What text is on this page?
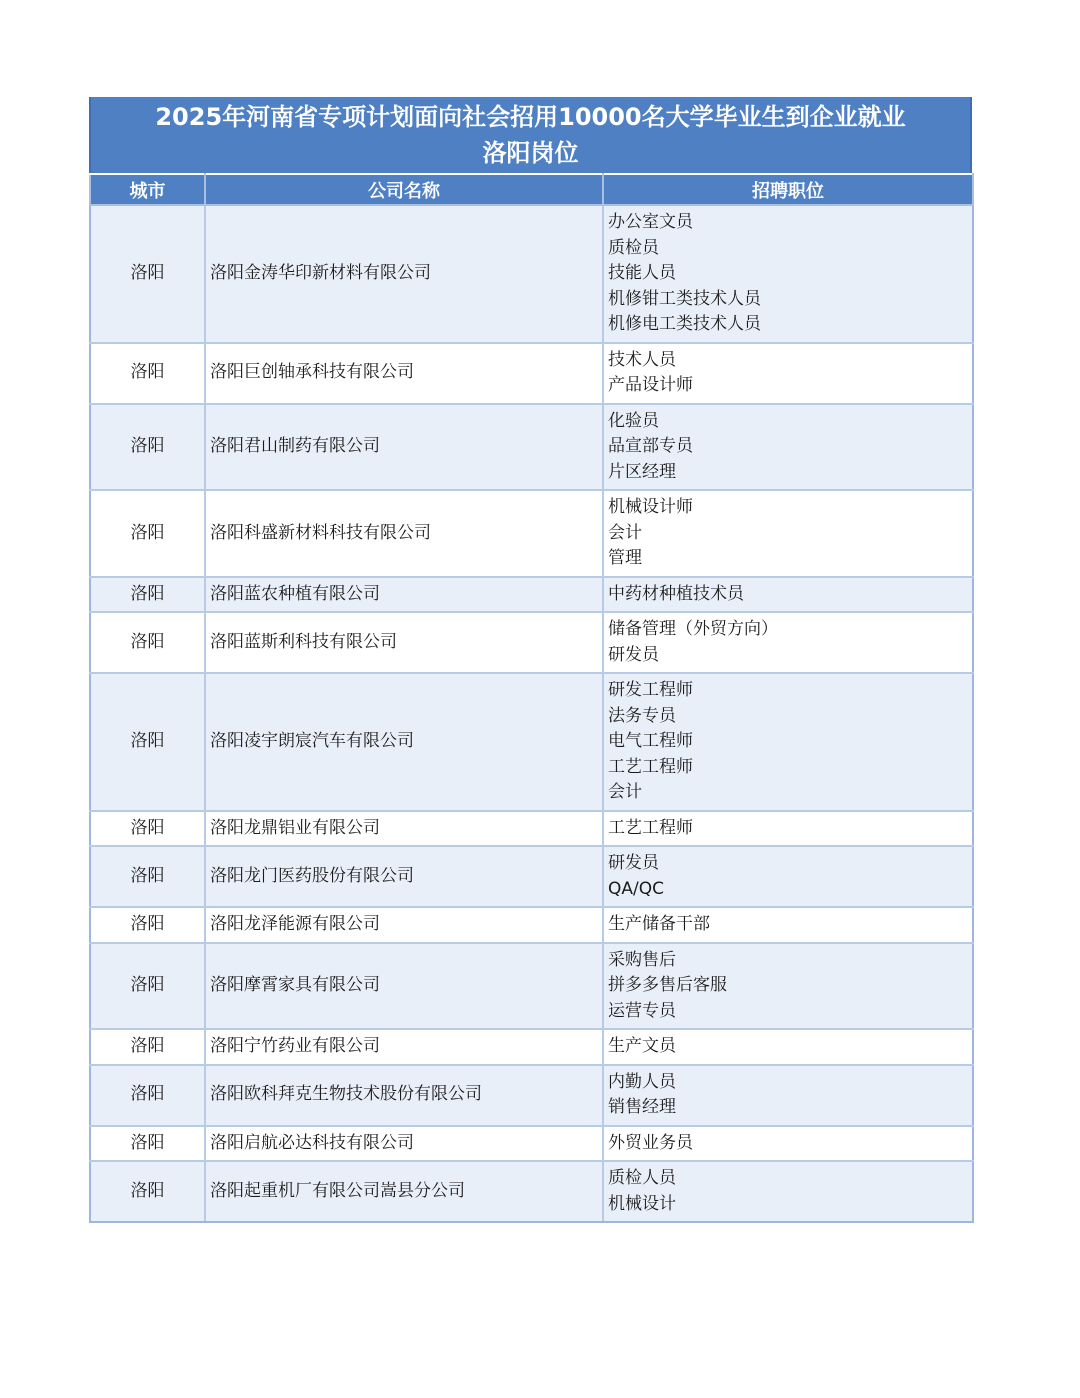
2025年河南省专项计划面向社会招用10000名大学毕业生到企业就业
洛阳岗位
城市	公司名称	招聘职位
洛阳	洛阳金涛华印新材料有限公司	办公室文员
质检员
技能人员
机修钳工类技术人员
机修电工类技术人员

洛阳	洛阳巨创轴承科技有限公司	技术人员
产品设计师

洛阳	洛阳君山制药有限公司	化验员
品宣部专员
片区经理

洛阳	洛阳科盛新材料科技有限公司	机械设计师
会计
管理

洛阳	洛阳蓝农种植有限公司	中药材种植技术员

洛阳	洛阳蓝斯利科技有限公司	储备管理（外贸方向）
研发员

洛阳	洛阳凌宇朗宸汽车有限公司	研发工程师
法务专员
电气工程师
工艺工程师
会计

洛阳	洛阳龙鼎铝业有限公司	工艺工程师

洛阳	洛阳龙门医药股份有限公司	研发员
QA/QC

洛阳	洛阳龙泽能源有限公司	生产储备干部

洛阳	洛阳摩霄家具有限公司	采购售后
拼多多售后客服
运营专员

洛阳	洛阳宁竹药业有限公司	生产文员

洛阳	洛阳欧科拜克生物技术股份有限公司	内勤人员
销售经理

洛阳	洛阳启航必达科技有限公司	外贸业务员

洛阳	洛阳起重机厂有限公司嵩县分公司	质检人员
机械设计
